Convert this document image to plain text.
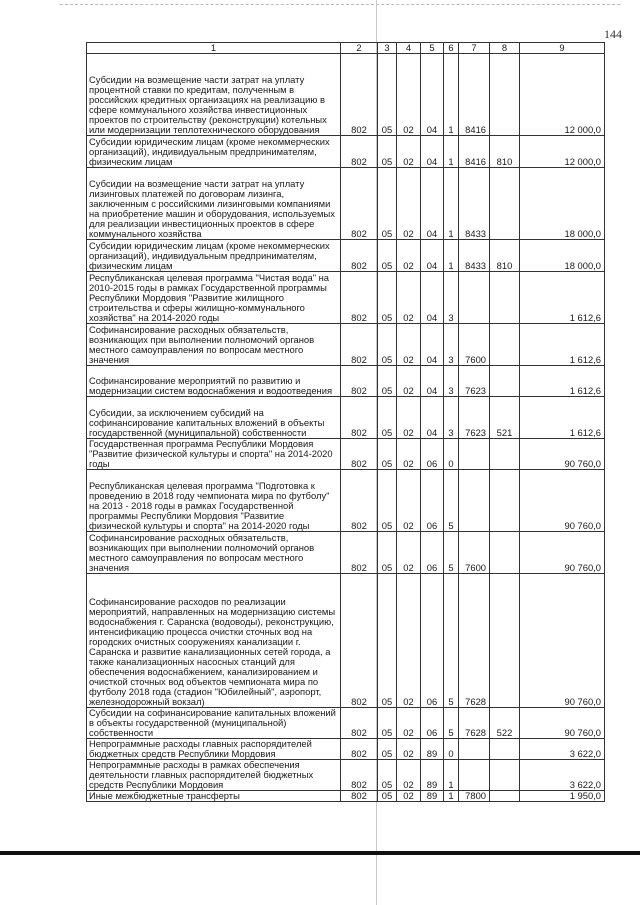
144
1	2	3	4	5	6	7	8	9
Субсидии на возмещение части затрат на уплату процентной ставки по кредитам, полученным в российских кредитных организациях на реализацию в сфере коммунального хозяйства инвестиционных проектов по строительству (реконструкции) котельных или модернизации теплотехнического оборудования	802	05	02	04	1	8416		12 000,0
Субсидии юридическим лицам (кроме некоммерческих организаций), индивидуальным предпринимателям, физическим лицам	802	05	02	04	1	8416	810	12 000,0
Субсидии на возмещение части затрат на уплату лизинговых платежей по договорам лизинга, заключенным с российскими лизинговыми компаниями на приобретение машин и оборудования, используемых для реализации инвестиционных проектов в сфере коммунального хозяйства	802	05	02	04	1	8433		18 000,0
Субсидии юридическим лицам (кроме некоммерческих организаций), индивидуальным предпринимателям, физическим лицам	802	05	02	04	1	8433	810	18 000,0
Республиканская целевая программа "Чистая вода" на 2010-2015 годы в рамках Государственной программы Республики Мордовия "Развитие жилищного строительства и сферы жилищно-коммунального хозяйства" на 2014-2020 годы	802	05	02	04	3			1 612,6
Софинансирование расходных обязательств, возникающих при выполнении полномочий органов местного самоуправления по вопросам местного значения	802	05	02	04	3	7600		1 612,6
Софинансирование мероприятий по развитию и модернизации систем водоснабжения и водоотведения	802	05	02	04	3	7623		1 612,6
Субсидии, за исключением субсидий на софинансирование капитальных вложений в объекты государственной (муниципальной) собственности	802	05	02	04	3	7623	521	1 612,6
Государственная программа Республики Мордовия "Развитие физической культуры и спорта" на 2014-2020 годы	802	05	02	06	0			90 760,0
Республиканская целевая программа "Подготовка к проведению в 2018 году чемпионата мира по футболу" на 2013 - 2018 годы в рамках Государственной программы Республики Мордовия "Развитие физической культуры и спорта" на 2014-2020 годы	802	05	02	06	5			90 760,0
Софинансирование расходных обязательств, возникающих при выполнении полномочий органов местного самоуправления по вопросам местного значения	802	05	02	06	5	7600		90 760,0
Софинансирование расходов по реализации мероприятий, направленных на модернизацию системы водоснабжения г. Саранска (водоводы), реконструкцию, интенсификацию процесса очистки сточных вод на городских очистных сооружениях канализации г. Саранска и развитие канализационных сетей города, а также канализационных насосных станций для обеспечения водоснабжением, канализированием и очисткой сточных вод объектов чемпионата мира по футболу 2018 года (стадион "Юбилейный", аэропорт, железнодорожный вокзал)	802	05	02	06	5	7628		90 760,0
Субсидии на софинансирование капитальных вложений в объекты государственной (муниципальной) собственности	802	05	02	06	5	7628	522	90 760,0
Непрограммные расходы главных распорядителей бюджетных средств Республики Мордовия	802	05	02	89	0			3 622,0
Непрограммные расходы в рамках обеспечения деятельности главных распорядителей бюджетных средств Республики Мордовия	802	05	02	89	1			3 622,0
Иные межбюджетные трансферты	802	05	02	89	1	7800		1 950,0
